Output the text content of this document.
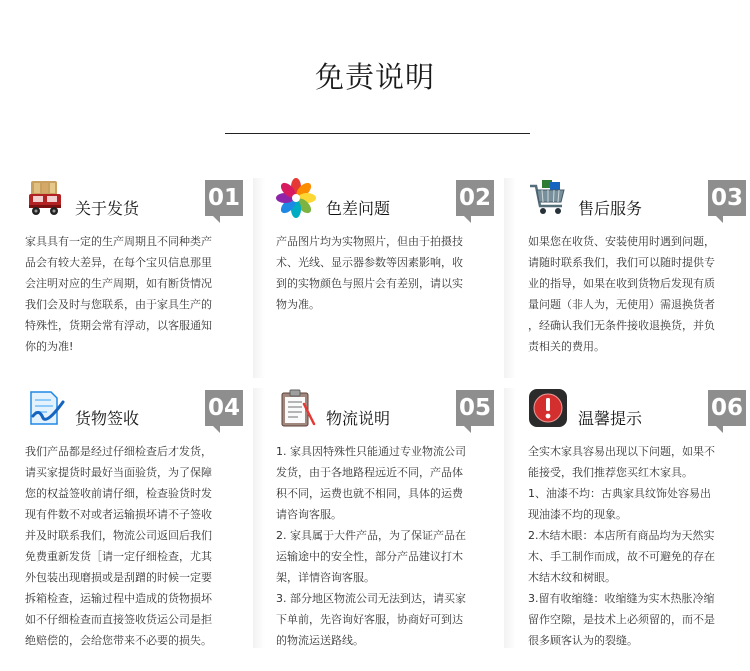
免责说明
关于发货	01

家具具有一定的生产周期且不同种类产

品会有较大差异，在每个宝贝信息那里

会注明对应的生产周期，如有断货情况

我们会及时与您联系，由于家具生产的

特殊性，货期会常有浮动，以客服通知

你的为准!

色差问题	02

产品图片均为实物照片，但由于拍摄技

术、光线、显示器参数等因素影响，收

到的实物颜色与照片会有差别，请以实

物为准。

售后服务	03

如果您在收货、安装使用时遇到问题，

请随时联系我们，我们可以随时提供专

业的指导，如果在收到货物后发现有质

量问题（非人为，无使用）需退换货者

，经确认我们无条件接收退换货，并负

责相关的费用。

货物签收	04

我们产品都是经过仔细检查后才发货，

请买家提货时最好当面验货，为了保障

您的权益签收前请仔细，检查验货时发

现有件数不对或者运输损坏请不子签收

并及时联系我们，物流公司返回后我们

免费重新发货［请一定仔细检查，尤其

外包装出现磨损或是刮蹭的时候一定要

拆箱检查，运输过程中造成的货物损坏

如不仔细检查而直接签收货运公司是拒

绝赔偿的，会给您带来不必要的损失。

物流说明	05

1. 家具因特殊性只能通过专业物流公司

发货，由于各地路程远近不同，产品体

积不同，运费也就不相同，具体的运费

请咨询客服。

2. 家具属于大件产品，为了保证产品在

运输途中的安全性，部分产品建议打木

架，详情咨询客服。

3. 部分地区物流公司无法到达，请买家

下单前，先咨询好客服，协商好可到达

的物流运送路线。

温馨提示	06

全实木家具容易出现以下问题，如果不

能接受，我们推荐您买红木家具。

1、油漆不均：古典家具纹饰处容易出

现油漆不均的现象。

2.木结木眼：本店所有商品均为天然实

木、手工制作而成，故不可避免的存在

木结木纹和树眼。

3.留有收缩缝：收缩缝为实木热胀冷缩

留作空隙，是技术上必须留的，而不是

很多顾客认为的裂缝。
